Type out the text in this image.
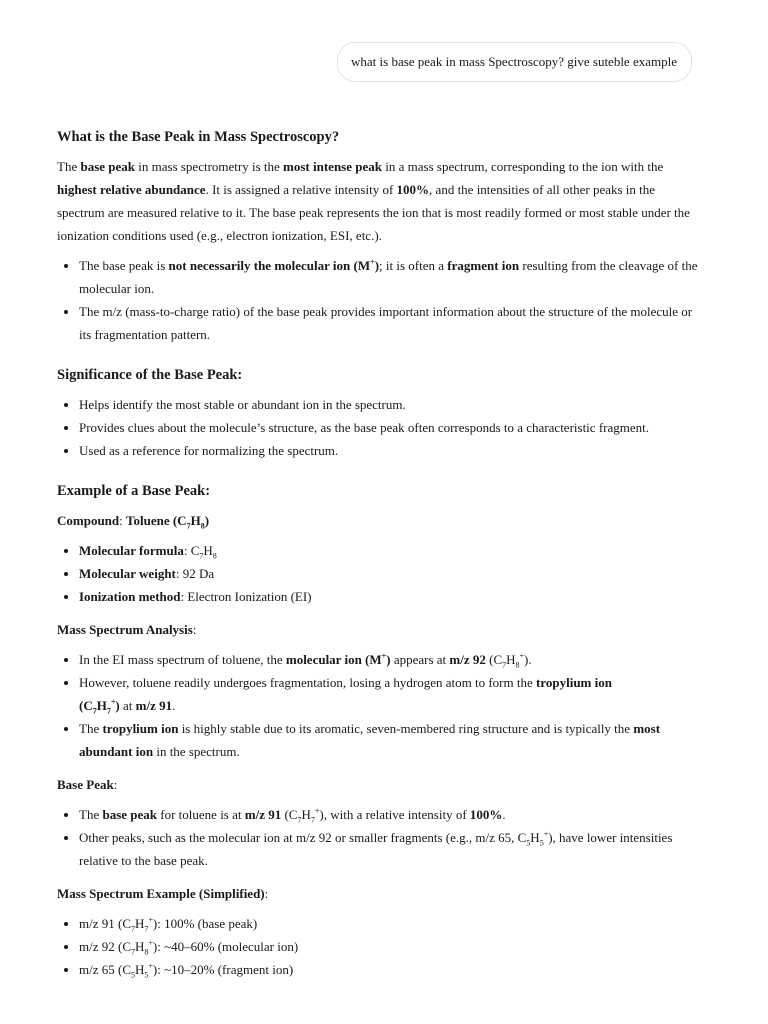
what is base peak in mass Spectroscopy? give suteble example
What is the Base Peak in Mass Spectroscopy?

The base peak in mass spectrometry is the most intense peak in a mass spectrum, corresponding to the ion with the highest relative abundance. It is assigned a relative intensity of 100%, and the intensities of all other peaks in the spectrum are measured relative to it. The base peak represents the ion that is most readily formed or most stable under the ionization conditions used (e.g., electron ionization, ESI, etc.).

• The base peak is not necessarily the molecular ion (M+); it is often a fragment ion resulting from the cleavage of the molecular ion.
• The m/z (mass-to-charge ratio) of the base peak provides important information about the structure of the molecule or its fragmentation pattern.
Significance of the Base Peak:
• Helps identify the most stable or abundant ion in the spectrum.
• Provides clues about the molecule’s structure, as the base peak often corresponds to a characteristic fragment.
• Used as a reference for normalizing the spectrum.
Example of a Base Peak:

Compound: Toluene $(C_7H_8)$

• Molecular formula: $C_7H_8$
• Molecular weight: 92 Da
• Ionization method: Electron Ionization (EI)

Mass Spectrum Analysis:

• In the EI mass spectrum of toluene, the molecular ion (M+) appears at m/z 92 $(C_7H_8^+)$.
• However, toluene readily undergoes fragmentation, losing a hydrogen atom to form the tropylium ion
$(C_7H_7^+)$ at m/z 91.
• The tropylium ion is highly stable due to its aromatic, seven-membered ring structure and is typically the most abundant ion in the spectrum.

Base Peak:

• The base peak for toluene is at m/z 91 $(C_7H_7^+)$, with a relative intensity of 100%.
• Other peaks, such as the molecular ion at m/z 92 or smaller fragments (e.g., m/z 65, $C_5H_5^+$), have lower intensities relative to the base peak.

Mass Spectrum Example (Simplified):

• m/z 91 $(C_7H_7^+)$: 100% (base peak)
• m/z 92 $(C_7H_8^+)$: ~40–60% (molecular ion)
• m/z 65 $(C_5H_5^+)$: ~10–20% (fragment ion)
